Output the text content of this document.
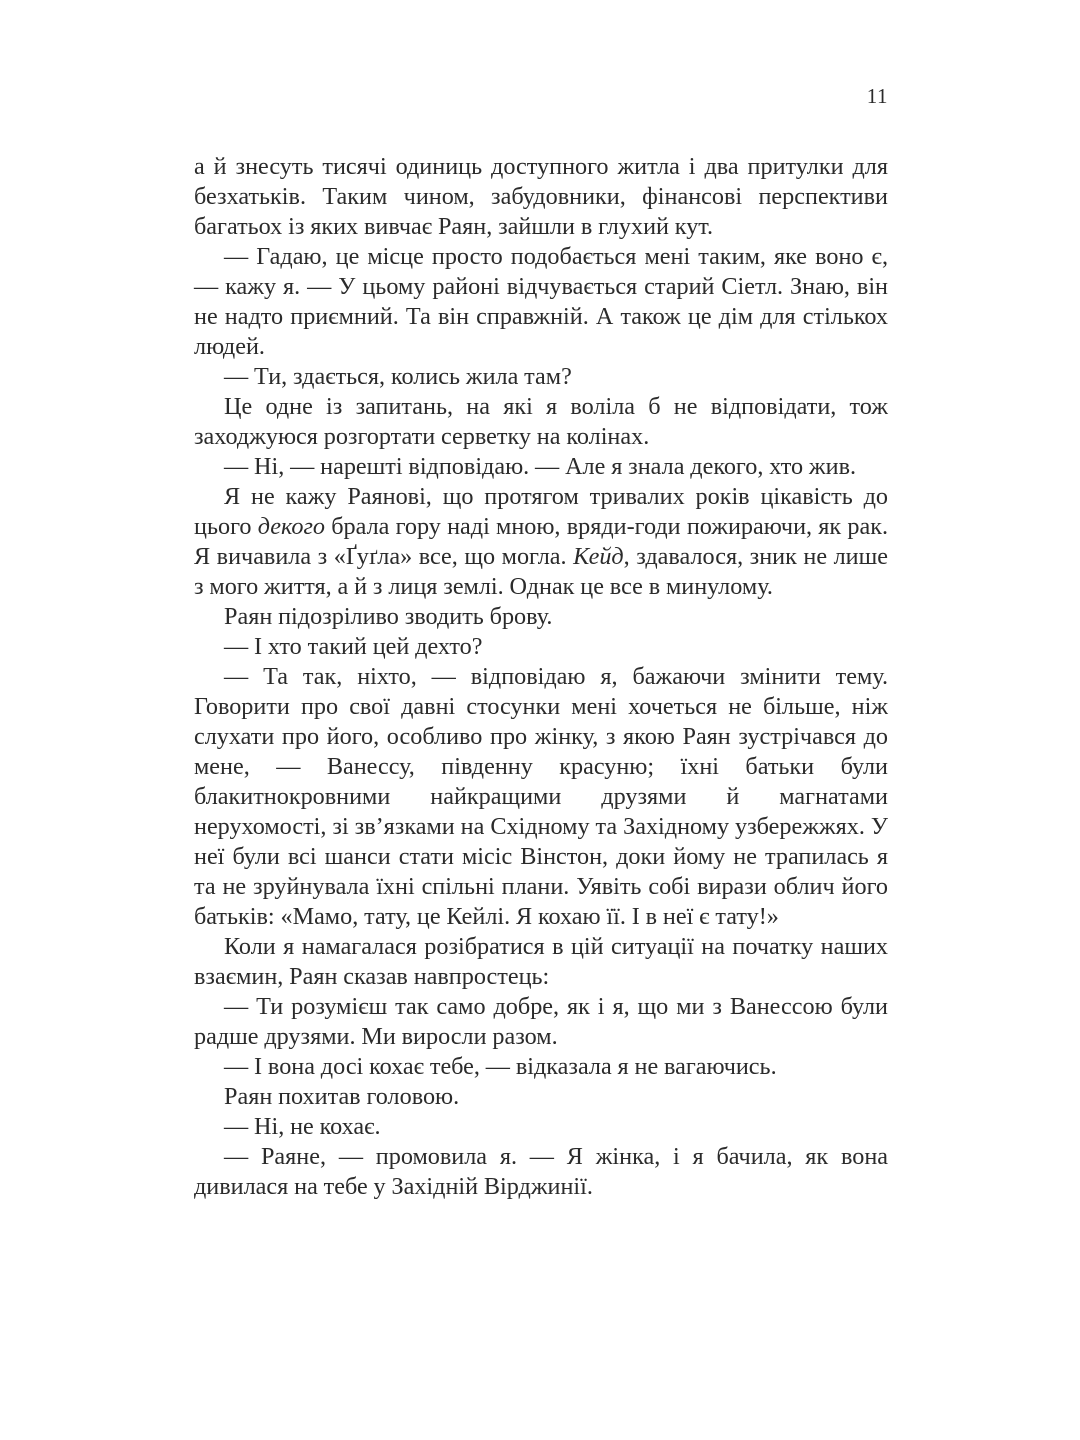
11

а й знесуть тисячі одиниць доступного житла і два притулки для безхатьків. Таким чином, забудовники, фінансові перспективи багатьох із яких вивчає Раян, зайшли в глухий кут.

— Гадаю, це місце просто подобається мені таким, яке воно є, — кажу я. — У цьому районі відчувається старий Сіетл. Знаю, він не надто приємний. Та він справжній. А також це дім для стількох людей.

— Ти, здається, колись жила там?

Це одне із запитань, на які я воліла б не відповідати, тож заходжуюся розгортати серветку на колінах.

— Ні, — нарешті відповідаю. — Але я знала декого, хто жив.

Я не кажу Раянові, що протягом тривалих років цікавість до цього декого брала гору наді мною, вряди-годи пожираючи, як рак. Я вичавила з «Ґуґла» все, що могла. Кейд, здавалося, зник не лише з мого життя, а й з лиця землі. Однак це все в минулому.

Раян підозріливо зводить брову.

— І хто такий цей дехто?

— Та так, ніхто, — відповідаю я, бажаючи змінити тему. Говорити про свої давні стосунки мені хочеться не більше, ніж слухати про його, особливо про жінку, з якою Раян зустрічався до мене, — Ванессу, південну красуню; їхні батьки були блакитнокровними найкращими друзями й магнатами нерухомості, зі зв’язками на Східному та Західному узбережжях. У неї були всі шанси стати місіс Вінстон, доки йому не трапилась я та не зруйнувала їхні спільні плани. Уявіть собі вирази облич його батьків: «Мамо, тату, це Кейлі. Я кохаю її. І в неї є тату!»

Коли я намагалася розібратися в цій ситуації на початку наших взаємин, Раян сказав навпростець:

— Ти розумієш так само добре, як і я, що ми з Ванессою були радше друзями. Ми виросли разом.

— І вона досі кохає тебе, — відказала я не вагаючись.

Раян похитав головою.

— Ні, не кохає.

— Раяне, — промовила я. — Я жінка, і я бачила, як вона дивилася на тебе у Західній Вірджинії.
